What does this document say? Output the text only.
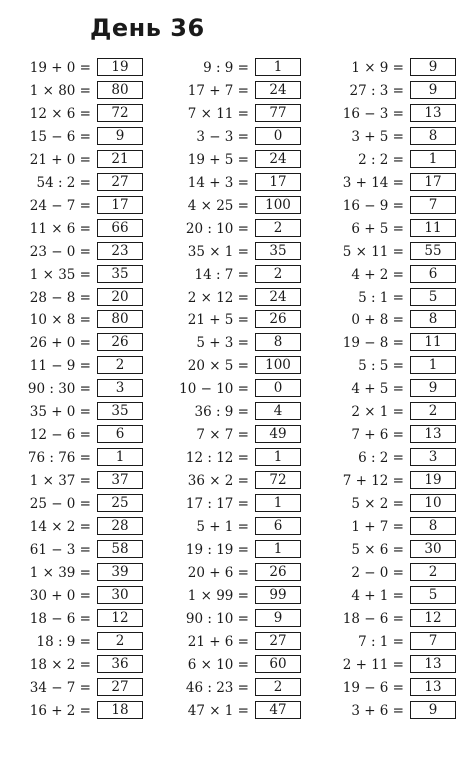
День 36
19 + 0 =	19
1 × 80 =	80
12 × 6 =	72
15 − 6 =	9
21 + 0 =	21
54 : 2 =	27
24 − 7 =	17
11 × 6 =	66
23 − 0 =	23
1 × 35 =	35
28 − 8 =	20
10 × 8 =	80
26 + 0 =	26
11 − 9 =	2
90 : 30 =	3
35 + 0 =	35
12 − 6 =	6
76 : 76 =	1
1 × 37 =	37
25 − 0 =	25
14 × 2 =	28
61 − 3 =	58
1 × 39 =	39
30 + 0 =	30
18 − 6 =	12
18 : 9 =	2
18 × 2 =	36
34 − 7 =	27
16 + 2 =	18
9 : 9 =	1
17 + 7 =	24
7 × 11 =	77
3 − 3 =	0
19 + 5 =	24
14 + 3 =	17
4 × 25 =	100
20 : 10 =	2
35 × 1 =	35
14 : 7 =	2
2 × 12 =	24
21 + 5 =	26
5 + 3 =	8
20 × 5 =	100
10 − 10 =	0
36 : 9 =	4
7 × 7 =	49
12 : 12 =	1
36 × 2 =	72
17 : 17 =	1
5 + 1 =	6
19 : 19 =	1
20 + 6 =	26
1 × 99 =	99
90 : 10 =	9
21 + 6 =	27
6 × 10 =	60
46 : 23 =	2
47 × 1 =	47
1 × 9 =	9
27 : 3 =	9
16 − 3 =	13
3 + 5 =	8
2 : 2 =	1
3 + 14 =	17
16 − 9 =	7
6 + 5 =	11
5 × 11 =	55
4 + 2 =	6
5 : 1 =	5
0 + 8 =	8
19 − 8 =	11
5 : 5 =	1
4 + 5 =	9
2 × 1 =	2
7 + 6 =	13
6 : 2 =	3
7 + 12 =	19
5 × 2 =	10
1 + 7 =	8
5 × 6 =	30
2 − 0 =	2
4 + 1 =	5
18 − 6 =	12
7 : 1 =	7
2 + 11 =	13
19 − 6 =	13
3 + 6 =	9
